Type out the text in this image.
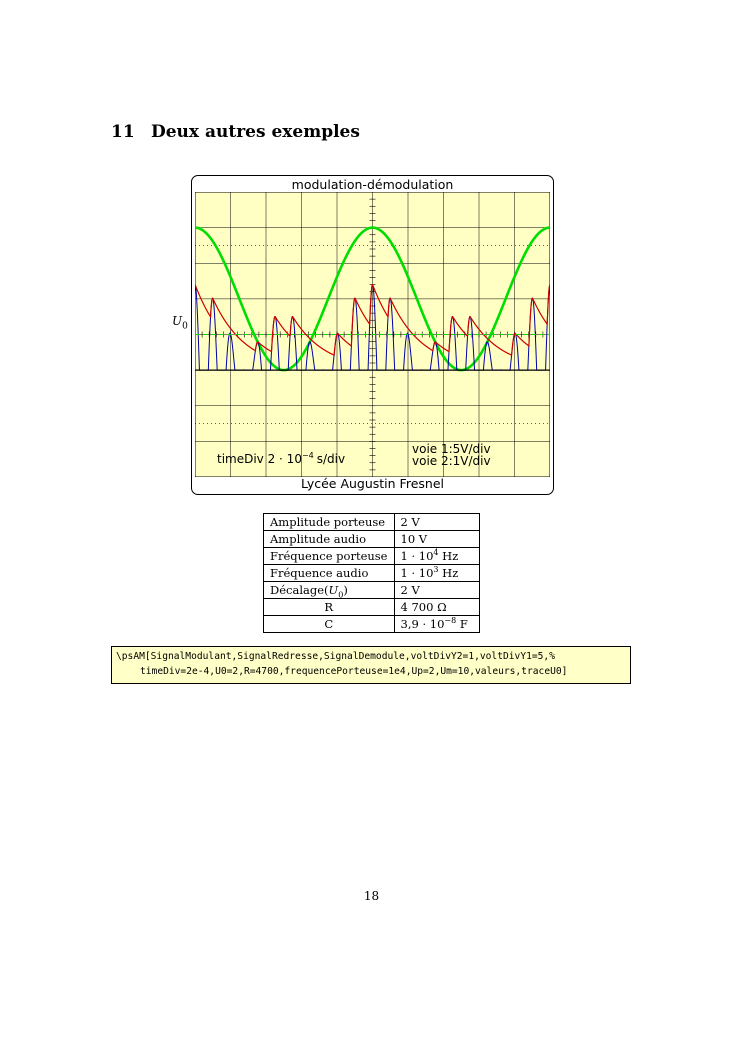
11 Deux autres exemples
modulation-démodulation
timeDiv $2 \cdot 10^{-4}$ s/div
voie 1:5V/div
voie 2:1V/div
Lycée Augustin Fresnel
$U_0$
Amplitude porteuse	2 V
Amplitude audio	10 V
Fréquence porteuse	$1 \cdot 10^4$ Hz
Fréquence audio	$1 \cdot 10^3$ Hz
$Décalage(U_0)$	2 V
R	4 700 Ω
C	$3,9 \cdot 10^{-8}$ F
\psAM[SignalModulant,SignalRedresse,SignalDemodule,voltDivY2=1,voltDivY1=5,%
timeDiv=2e-4,U0=2,R=4700,frequencePorteuse=1e4,Up=2,Um=10,valeurs,traceU0]
18
